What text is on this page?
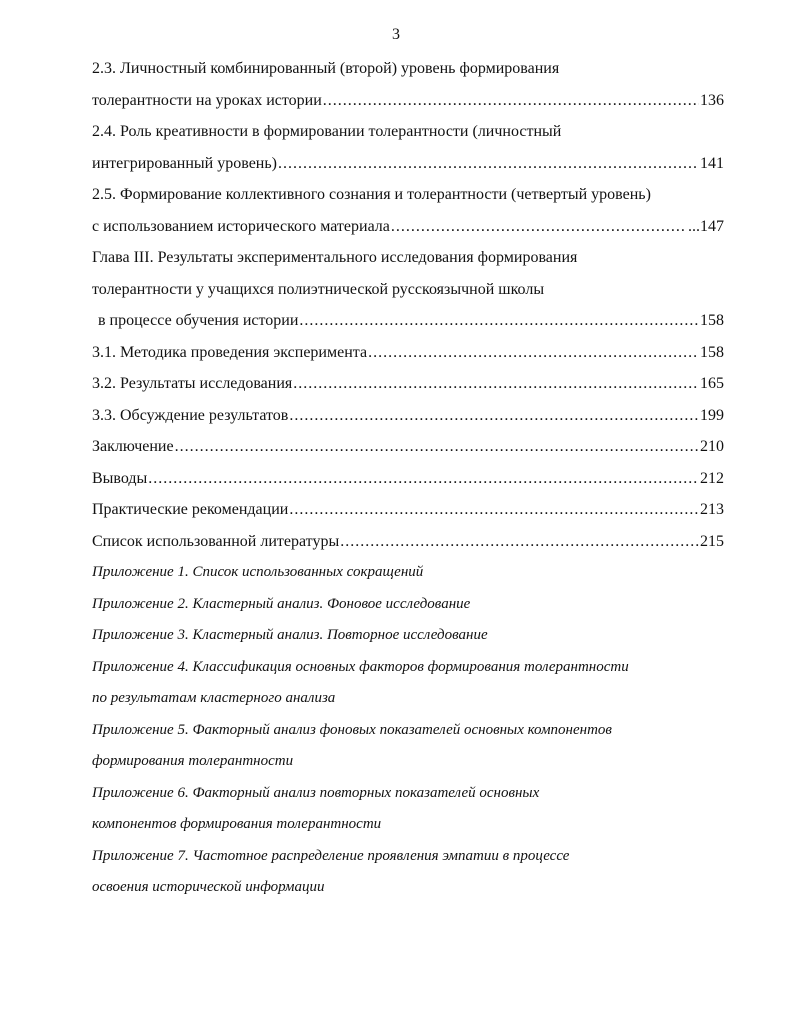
3
2.3. Личностный комбинированный (второй) уровень формирования
толерантности на уроках истории .....	136
2.4. Роль креативности в формировании толерантности (личностный
интегрированный уровень) .....	141
2.5. Формирование коллективного сознания и толерантности (четвертый уровень)
с использованием исторического материала .....	...147
Глава III. Результаты экспериментального исследования формирования
толерантности у учащихся полиэтнической русскоязычной школы
в процессе обучения истории .....	158
3.1. Методика проведения эксперимента .....	158
3.2. Результаты исследования .....	165
3.3. Обсуждение результатов .....	199
Заключение .....	210
Выводы .....	212
Практические рекомендации .....	213
Список использованной литературы .....	215
Приложение 1. Список использованных сокращений
Приложение 2. Кластерный анализ. Фоновое исследование
Приложение 3. Кластерный анализ. Повторное исследование
Приложение 4. Классификация основных факторов формирования толерантности
по результатам кластерного анализа
Приложение 5. Факторный анализ фоновых показателей основных компонентов
формирования толерантности
Приложение 6. Факторный анализ повторных показателей основных
компонентов формирования толерантности
Приложение 7. Частотное распределение проявления эмпатии в процессе
освоения исторической информации
